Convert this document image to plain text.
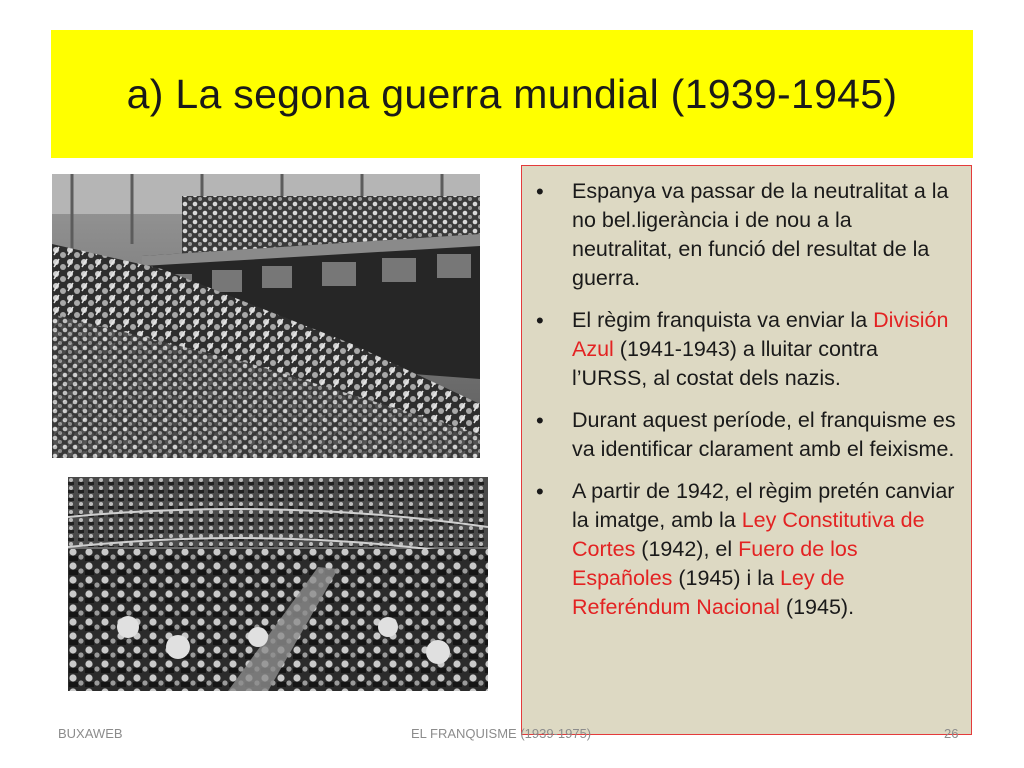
a) La segona guerra mundial (1939-1945)
•	Espanya va passar de la neutralitat a la no bel.ligerància i de nou a la neutralitat, en funció del resultat de la guerra.
•	El règim franquista va enviar la División Azul (1941-1943) a lluitar contra l’URSS, al costat dels nazis.
•	Durant aquest període, el franquisme es va identificar clarament amb el feixisme.
•	A partir de 1942, el règim pretén canviar la imatge, amb la Ley Constitutiva de Cortes (1942), el Fuero de los Españoles (1945) i la Ley de Referéndum Nacional (1945).
BUXAWEB	EL FRANQUISME (1939-1975)	26
